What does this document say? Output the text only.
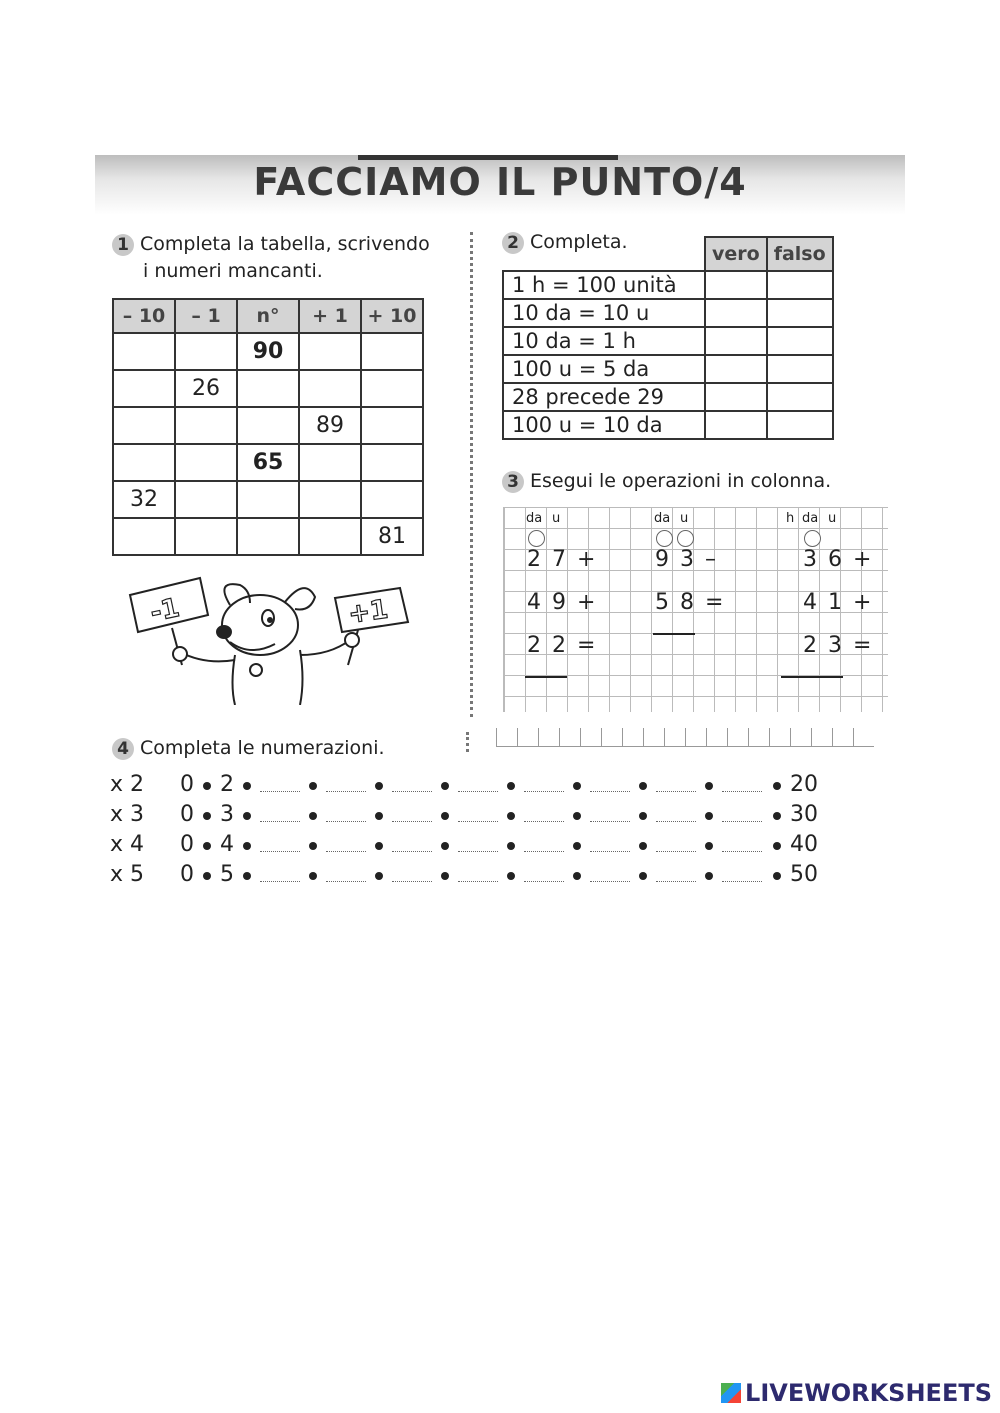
FACCIAMO IL PUNTO/4
1 Completa la tabella, scrivendo
i numeri mancanti.
– 10	– 1	n°	+ 1	+ 10
		90		
	26			
			89	
		65		
32				
				81
-1	+1
2 Completa.
	vero	falso
1 h = 100 unità		
10 da = 10 u		
10 da = 1 h		
100 u = 5 da		
28 precede 29		
100 u = 10 da		
3 Esegui le operazioni in colonna.
da u
2 7 +
4 9 +
2 2 =
da u
9 3 –
5 8 =
h da u
3 6 +
4 1 +
2 3 =
4 Completa le numerazioni.
x 2 0 2	20
x 3 0 3	30
x 4 0 4	40
x 5 0 5	50
LIVEWORKSHEETS
